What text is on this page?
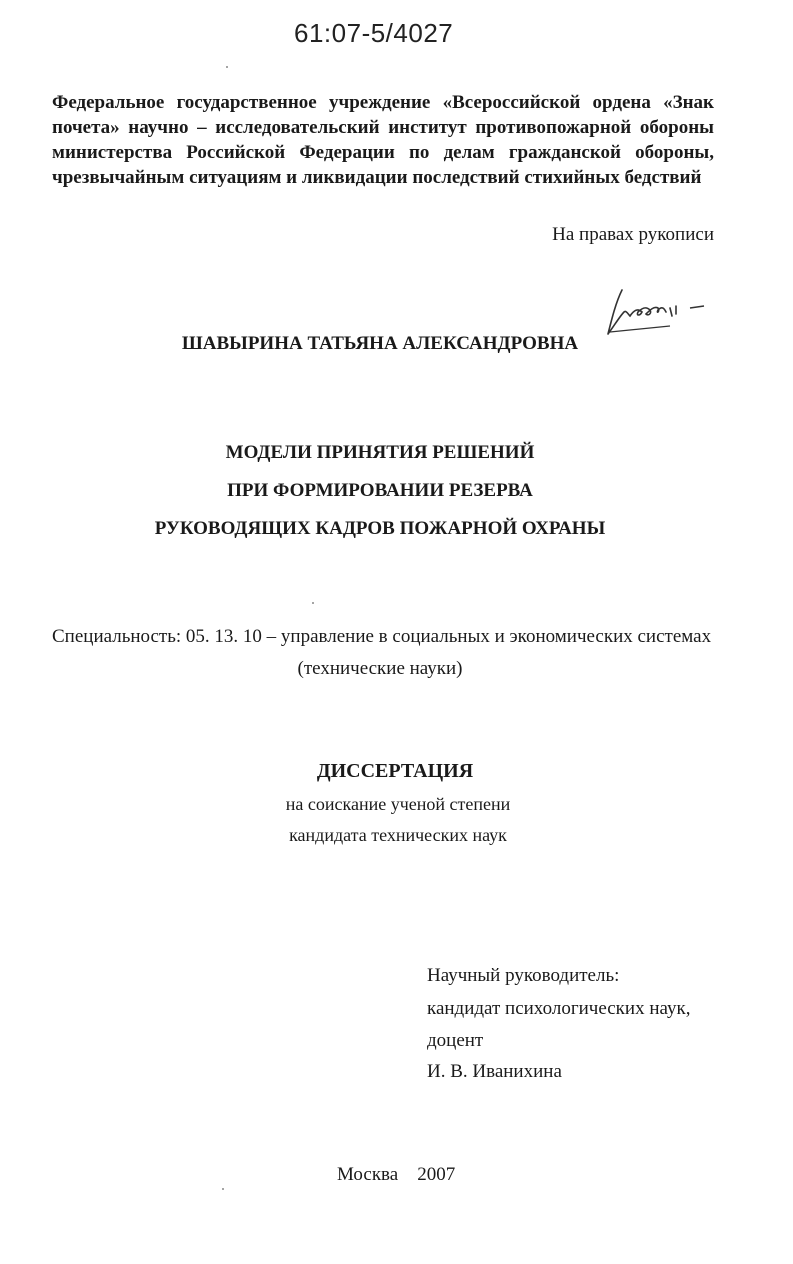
61:07-5/4027
Федеральное государственное учреждение «Всероссийской ордена «Знак
почета» научно – исследовательский институт противопожарной обороны
министерства Российской Федерации по делам гражданской обороны,
чрезвычайным ситуациям и ликвидации последствий стихийных бедствий
На правах рукописи
ШАВЫРИНА ТАТЬЯНА АЛЕКСАНДРОВНА
МОДЕЛИ ПРИНЯТИЯ РЕШЕНИЙ
ПРИ ФОРМИРОВАНИИ РЕЗЕРВА
РУКОВОДЯЩИХ КАДРОВ ПОЖАРНОЙ ОХРАНЫ
Специальность: 05. 13. 10 – управление в социальных и экономических системах
(технические науки)
ДИССЕРТАЦИЯ
на соискание ученой степени
кандидата технических наук
Научный руководитель:
кандидат психологических наук,
доцент
И. В. Иванихина
Москва    2007
